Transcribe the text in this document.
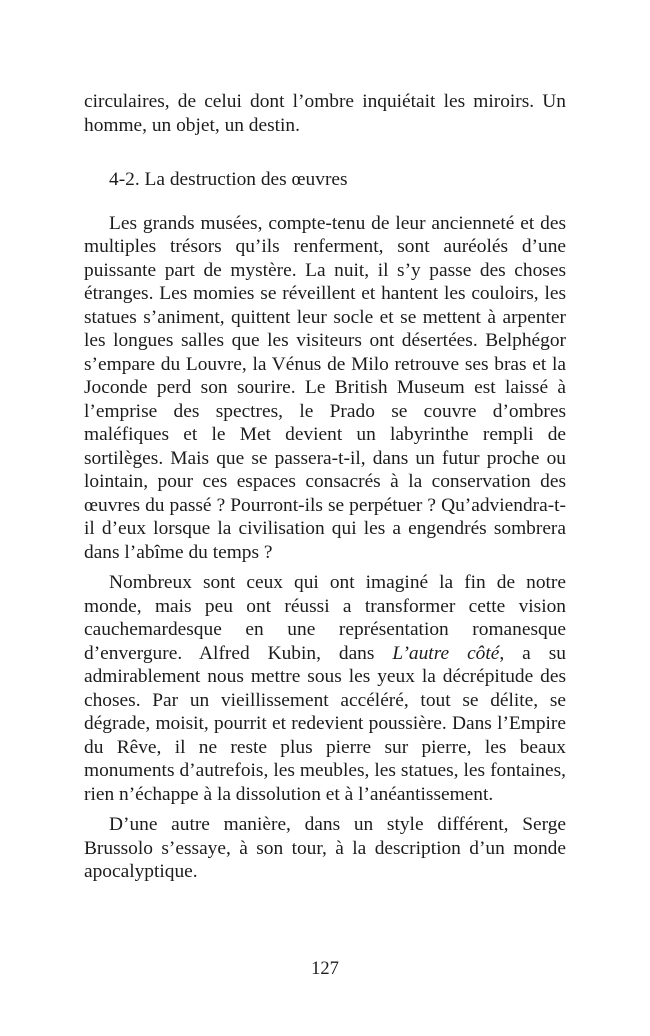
circulaires, de celui dont l’ombre inquiétait les miroirs. Un homme, un objet, un destin.

4-2. La destruction des œuvres

Les grands musées, compte-tenu de leur ancienneté et des multiples trésors qu’ils renferment, sont auréolés d’une puissante part de mystère. La nuit, il s’y passe des choses étranges. Les momies se réveillent et hantent les couloirs, les statues s’animent, quittent leur socle et se mettent à arpenter les longues salles que les visiteurs ont désertées. Belphégor s’empare du Louvre, la Vénus de Milo retrouve ses bras et la Joconde perd son sourire. Le British Museum est laissé à l’emprise des spectres, le Prado se couvre d’ombres maléfiques et le Met devient un labyrinthe rempli de sortilèges. Mais que se passera-t-il, dans un futur proche ou lointain, pour ces espaces consacrés à la conservation des œuvres du passé ? Pourront-ils se perpétuer ? Qu’adviendra-t-il d’eux lorsque la civilisation qui les a engendrés sombrera dans l’abîme du temps ?

Nombreux sont ceux qui ont imaginé la fin de notre monde, mais peu ont réussi a transformer cette vision cauchemardesque en une représentation romanesque d’envergure. Alfred Kubin, dans L’autre côté, a su admirablement nous mettre sous les yeux la décrépitude des choses. Par un vieillissement accéléré, tout se délite, se dégrade, moisit, pourrit et redevient poussière. Dans l’Empire du Rêve, il ne reste plus pierre sur pierre, les beaux monuments d’autrefois, les meubles, les statues, les fontaines, rien n’échappe à la dissolution et à l’anéantissement.

D’une autre manière, dans un style différent, Serge Brussolo s’essaye, à son tour, à la description d’un monde apocalyptique.

127
